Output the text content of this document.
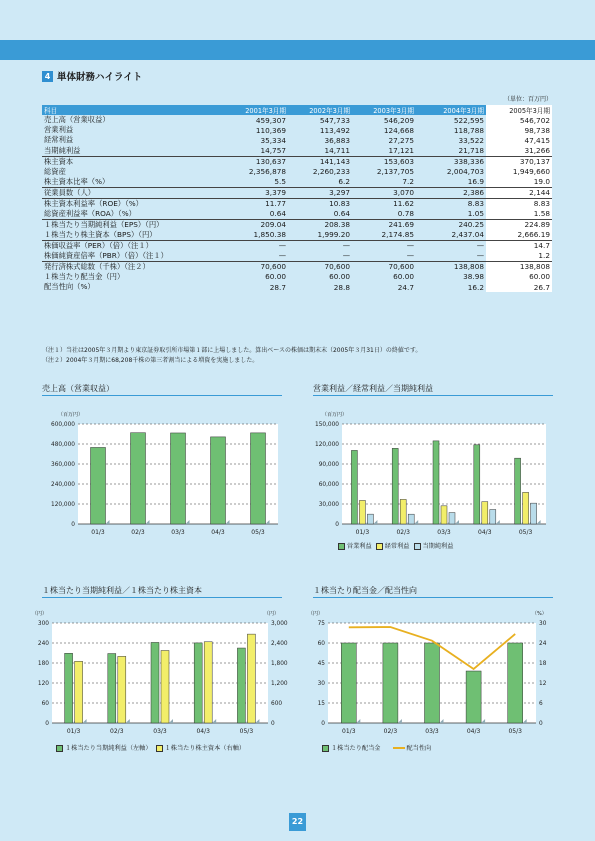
4 単体財務ハイライト
（単位：百万円）
科目	2001年3月期	2002年3月期	2003年3月期	2004年3月期	2005年3月期
売上高（営業収益）	459,307	547,733	546,209	522,595	546,702
営業利益	110,369	113,492	124,668	118,788	98,738
経常利益	35,334	36,883	27,275	33,522	47,415
当期純利益	14,757	14,711	17,121	21,718	31,266
株主資本	130,637	141,143	153,603	338,336	370,137
総資産	2,356,878	2,260,233	2,137,705	2,004,703	1,949,660
株主資本比率（%）	5.5	6.2	7.2	16.9	19.0
従業員数（人）	3,379	3,297	3,070	2,386	2,144
株主資本利益率（ROE）（%）	11.77	10.83	11.62	8.83	8.83
総資産利益率（ROA）（%）	0.64	0.64	0.78	1.05	1.58
１株当たり当期純利益（EPS）（円）	209.04	208.38	241.69	240.25	224.89
１株当たり株主資本（BPS）（円）	1,850.38	1,999.20	2,174.85	2,437.04	2,666.19
株価収益率（PER）（倍）（注１）	—	—	—	—	14.7
株価純資産倍率（PBR）（倍）（注１）	—	—	—	—	1.2
発行済株式総数（千株）（注２）	70,600	70,600	70,600	138,808	138,808
１株当たり配当金（円）	60.00	60.00	60.00	38.98	60.00
配当性向（%）	28.7	28.8	24.7	16.2	26.7
（注１）当社は2005年３月期より東京証券取引所市場第１部に上場しました。算出ベースの株価は期末末（2005年３月31日）の終値です。
（注２）2004年３月期に68,208千株の第三者割当による増資を実施しました。
売上高（営業収益）
0
120,000
240,000
360,000
480,000
600,000
（百万円）
01/3	02/3	03/3	04/3	05/3
営業利益／経常利益／当期純利益
0
30,000
60,000
90,000
120,000
150,000
（百万円）
01/3	02/3	03/3	04/3	05/3
営業利益	経常利益	当期純利益
１株当たり当期純利益／１株当たり株主資本
0
60
120
180
240
300
0
600
1,200
1,800
2,400
3,000
（円）	（円）
01/3	02/3	03/3	04/3	05/3
１株当たり当期純利益（左軸）	１株当たり株主資本（右軸）
１株当たり配当金／配当性向
0
15
30
45
60
75
0
6
12
18
24
30
（円）	（%）
01/3	02/3	03/3	04/3	05/3
１株当たり配当金	配当性向
22
